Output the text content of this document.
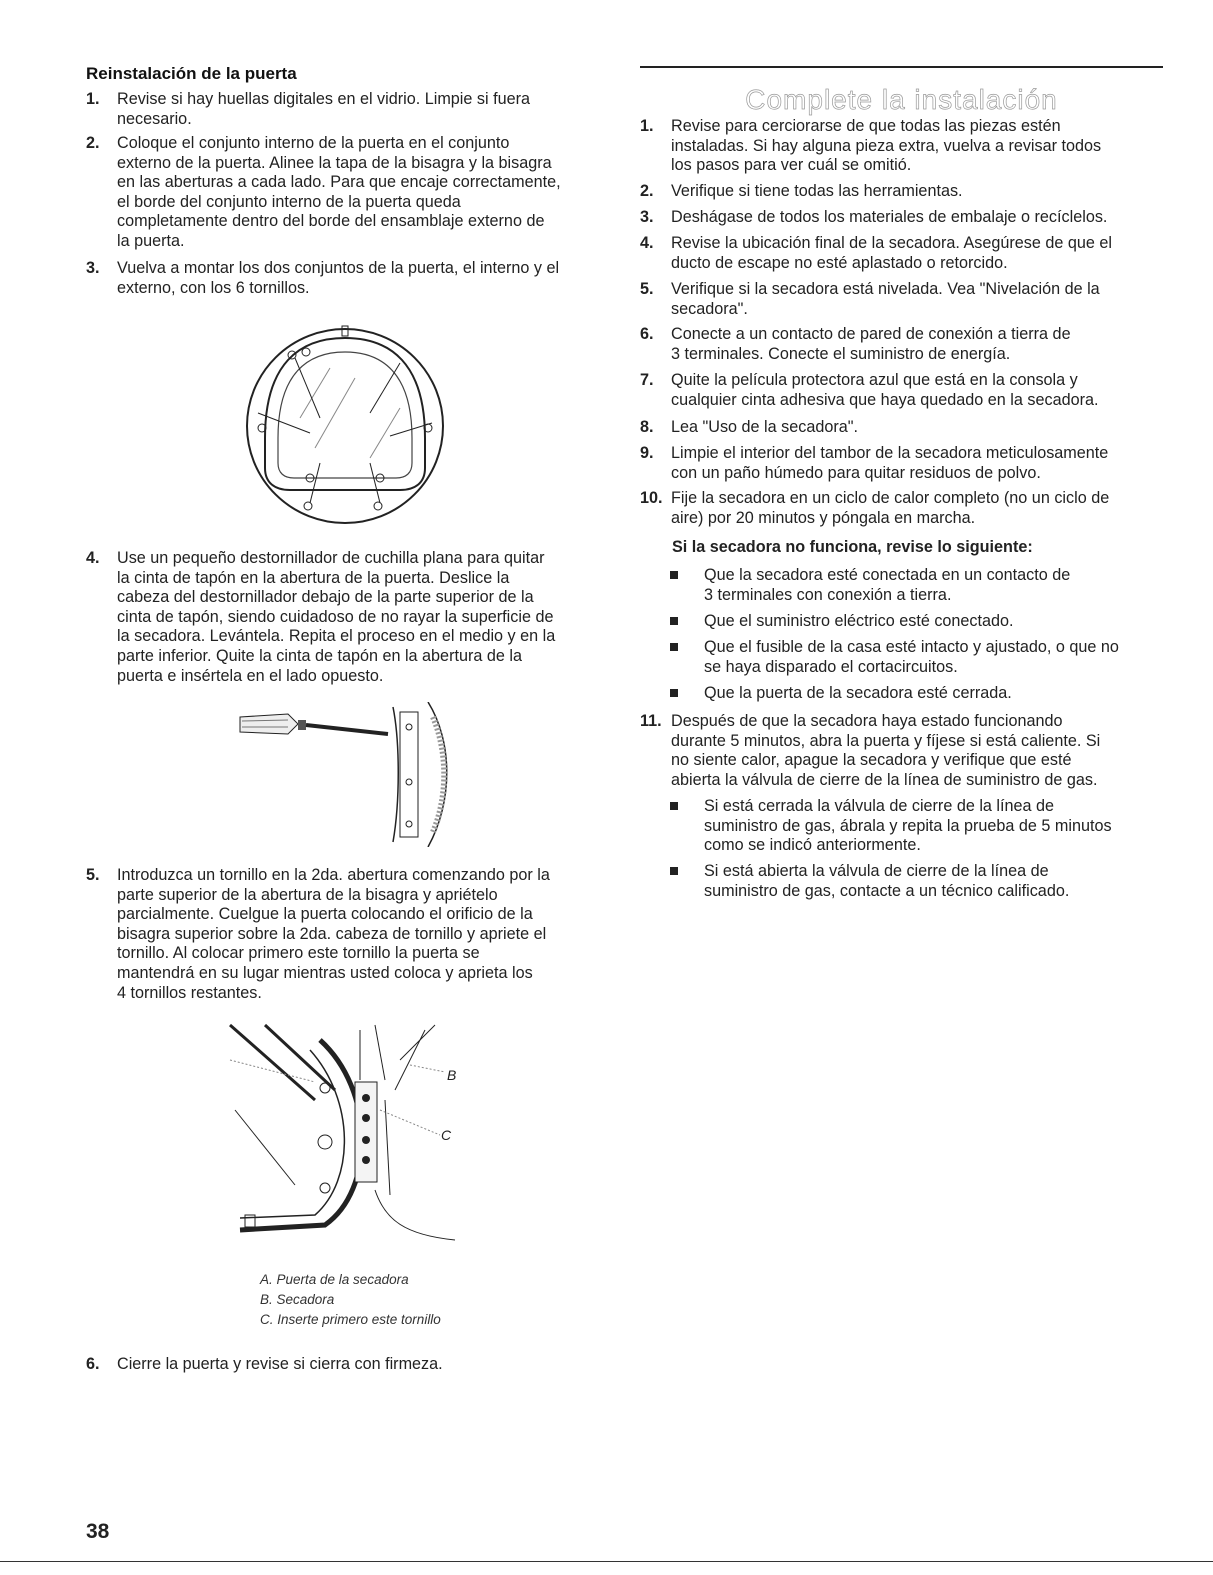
Reinstalación de la puerta
1. Revise si hay huellas digitales en el vidrio. Limpie si fuera
necesario.
2. Coloque el conjunto interno de la puerta en el conjunto
externo de la puerta. Alinee la tapa de la bisagra y la bisagra
en las aberturas a cada lado. Para que encaje correctamente,
el borde del conjunto interno de la puerta queda
completamente dentro del borde del ensamblaje externo de
la puerta.
3. Vuelva a montar los dos conjuntos de la puerta, el interno y el
externo, con los 6 tornillos.
4. Use un pequeño destornillador de cuchilla plana para quitar
la cinta de tapón en la abertura de la puerta. Deslice la
cabeza del destornillador debajo de la parte superior de la
cinta de tapón, siendo cuidadoso de no rayar la superficie de
la secadora. Levántela. Repita el proceso en el medio y en la
parte inferior. Quite la cinta de tapón en la abertura de la
puerta e insértela en el lado opuesto.
5. Introduzca un tornillo en la 2da. abertura comenzando por la
parte superior de la abertura de la bisagra y apriételo
parcialmente. Cuelgue la puerta colocando el orificio de la
bisagra superior sobre la 2da. cabeza de tornillo y apriete el
tornillo. Al colocar primero este tornillo la puerta se
mantendrá en su lugar mientras usted coloca y aprieta los
4 tornillos restantes.
B
C
A. Puerta de la secadora
B. Secadora
C. Inserte primero este tornillo
6. Cierre la puerta y revise si cierra con firmeza.
Complete la instalación
1. Revise para cerciorarse de que todas las piezas estén
instaladas. Si hay alguna pieza extra, vuelva a revisar todos
los pasos para ver cuál se omitió.
2. Verifique si tiene todas las herramientas.
3. Deshágase de todos los materiales de embalaje o recíclelos.
4. Revise la ubicación final de la secadora. Asegúrese de que el
ducto de escape no esté aplastado o retorcido.
5. Verifique si la secadora está nivelada. Vea "Nivelación de la
secadora".
6. Conecte a un contacto de pared de conexión a tierra de
3 terminales. Conecte el suministro de energía.
7. Quite la película protectora azul que está en la consola y
cualquier cinta adhesiva que haya quedado en la secadora.
8. Lea "Uso de la secadora".
9. Limpie el interior del tambor de la secadora meticulosamente
con un paño húmedo para quitar residuos de polvo.
10. Fije la secadora en un ciclo de calor completo (no un ciclo de
aire) por 20 minutos y póngala en marcha.
Si la secadora no funciona, revise lo siguiente:
Que la secadora esté conectada en un contacto de
3 terminales con conexión a tierra.
Que el suministro eléctrico esté conectado.
Que el fusible de la casa esté intacto y ajustado, o que no
se haya disparado el cortacircuitos.
Que la puerta de la secadora esté cerrada.
11. Después de que la secadora haya estado funcionando
durante 5 minutos, abra la puerta y fíjese si está caliente. Si
no siente calor, apague la secadora y verifique que esté
abierta la válvula de cierre de la línea de suministro de gas.
Si está cerrada la válvula de cierre de la línea de
suministro de gas, ábrala y repita la prueba de 5 minutos
como se indicó anteriormente.
Si está abierta la válvula de cierre de la línea de
suministro de gas, contacte a un técnico calificado.
38
